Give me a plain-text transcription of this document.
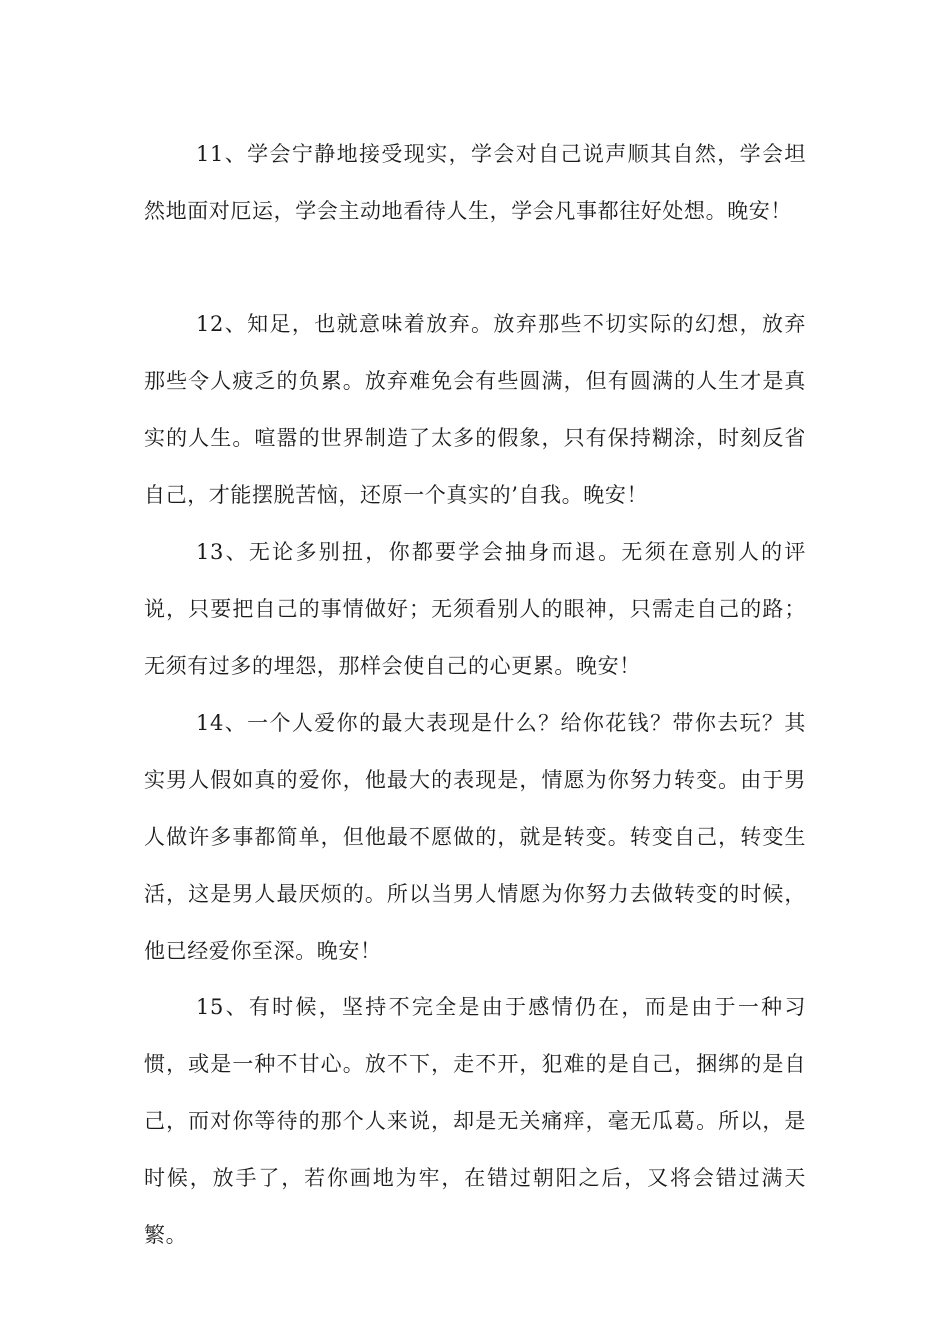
11、学会宁静地接受现实，学会对自己说声顺其自然，学会坦然地面对厄运，学会主动地看待人生，学会凡事都往好处想。晚安！

12、知足，也就意味着放弃。放弃那些不切实际的幻想，放弃那些令人疲乏的负累。放弃难免会有些圆满，但有圆满的人生才是真实的人生。喧嚣的世界制造了太多的假象，只有保持糊涂，时刻反省自己，才能摆脱苦恼，还原一个真实的’自我。晚安！

13、无论多别扭，你都要学会抽身而退。无须在意别人的评说，只要把自己的事情做好；无须看别人的眼神，只需走自己的路；无须有过多的埋怨，那样会使自己的心更累。晚安！

14、一个人爱你的最大表现是什么？给你花钱？带你去玩？其实男人假如真的爱你，他最大的表现是，情愿为你努力转变。由于男人做许多事都简单，但他最不愿做的，就是转变。转变自己，转变生活，这是男人最厌烦的。所以当男人情愿为你努力去做转变的时候，他已经爱你至深。晚安！

15、有时候，坚持不完全是由于感情仍在，而是由于一种习惯，或是一种不甘心。放不下，走不开，犯难的是自己，捆绑的是自己，而对你等待的那个人来说，却是无关痛痒，毫无瓜葛。所以，是时候，放手了，若你画地为牢，在错过朝阳之后，又将会错过满天繁。
